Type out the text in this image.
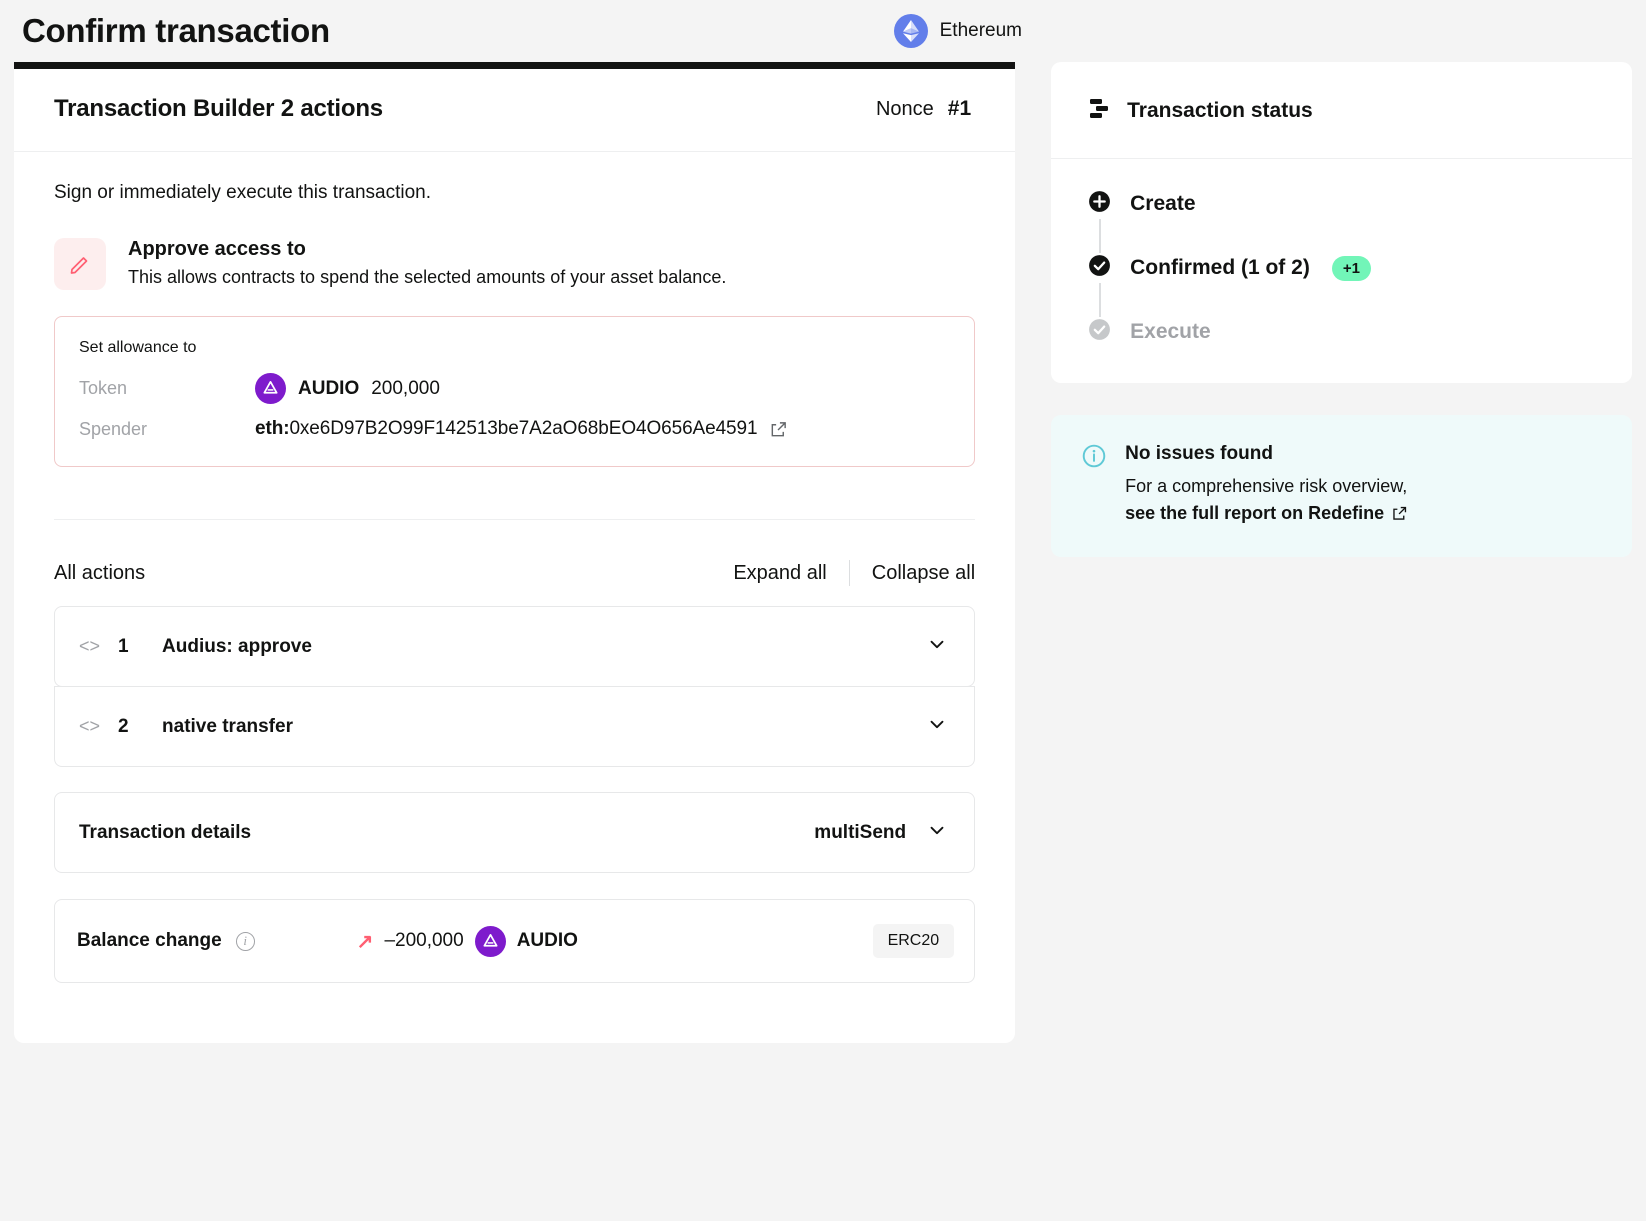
Confirm transaction	Ethereum
Transaction Builder 2 actions	Nonce #1

Sign or immediately execute this transaction.

Approve access to
This allows contracts to spend the selected amounts of your asset balance.
Set allowance to
Token	AUDIO 200,000
Spender	eth:0xe6D97B2O99F142513be7A2aO68bEO4O656Ae4591
All actions	Expand all Collapse all
<> 1 Audius: approve
<> 2 native transfer
Transaction details	multiSend
Balance change	i	↗ –200,000	AUDIO	ERC20
Transaction status
Create
Confirmed (1 of 2)	+1
Execute
No issues found
For a comprehensive risk overview,
see the full report on Redefine
